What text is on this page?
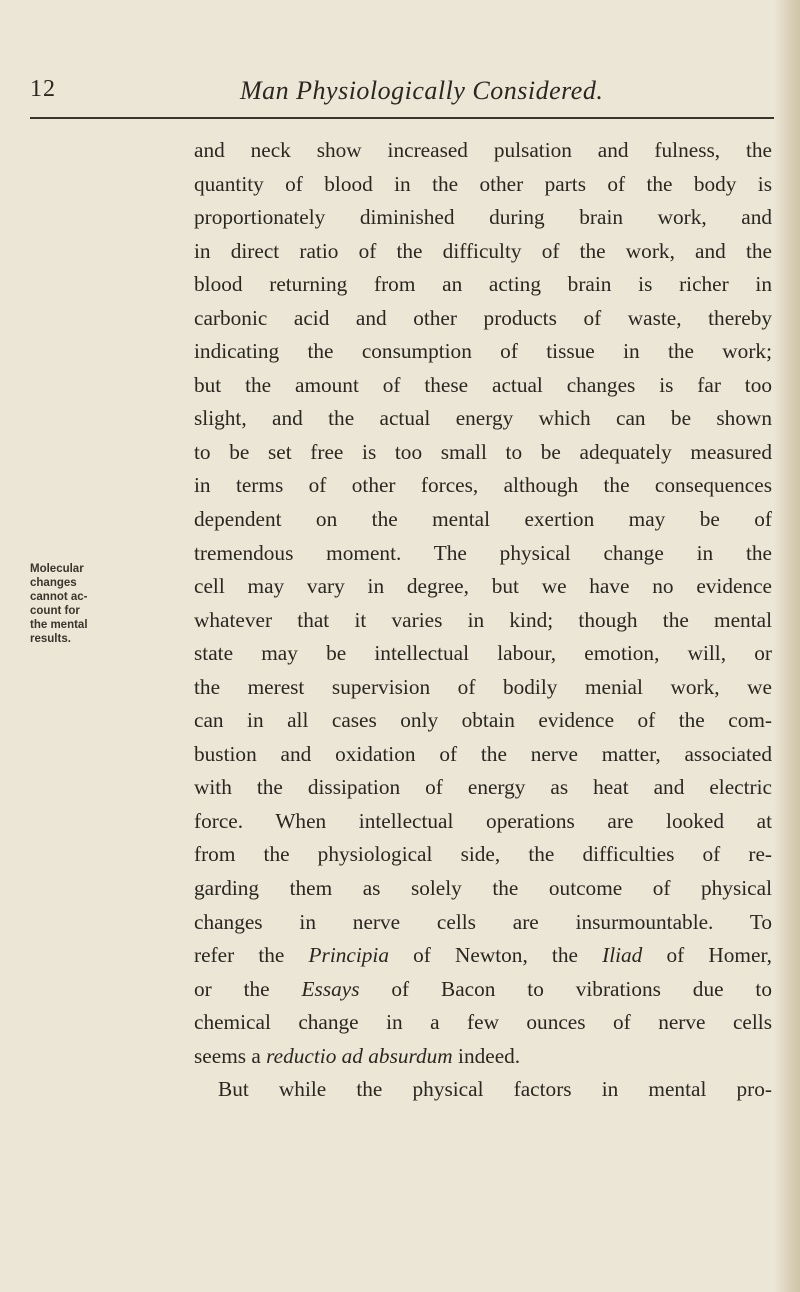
12	Man Physiologically Considered.
Molecular
changes
cannot ac-
count for
the mental
results.
and neck show increased pulsation and fulness, the
quantity of blood in the other parts of the body is
proportionately diminished during brain work, and
in direct ratio of the difficulty of the work, and the
blood returning from an acting brain is richer in
carbonic acid and other products of waste, thereby
indicating the consumption of tissue in the work;
but the amount of these actual changes is far too
slight, and the actual energy which can be shown
to be set free is too small to be adequately measured
in terms of other forces, although the consequences
dependent on the mental exertion may be of
tremendous moment. The physical change in the
cell may vary in degree, but we have no evidence
whatever that it varies in kind; though the mental
state may be intellectual labour, emotion, will, or
the merest supervision of bodily menial work, we
can in all cases only obtain evidence of the com-
bustion and oxidation of the nerve matter, associated
with the dissipation of energy as heat and electric
force. When intellectual operations are looked at
from the physiological side, the difficulties of re-
garding them as solely the outcome of physical
changes in nerve cells are insurmountable. To
refer the Principia of Newton, the Iliad of Homer,
or the Essays of Bacon to vibrations due to
chemical change in a few ounces of nerve cells
seems a reductio ad absurdum indeed.
But while the physical factors in mental pro-
